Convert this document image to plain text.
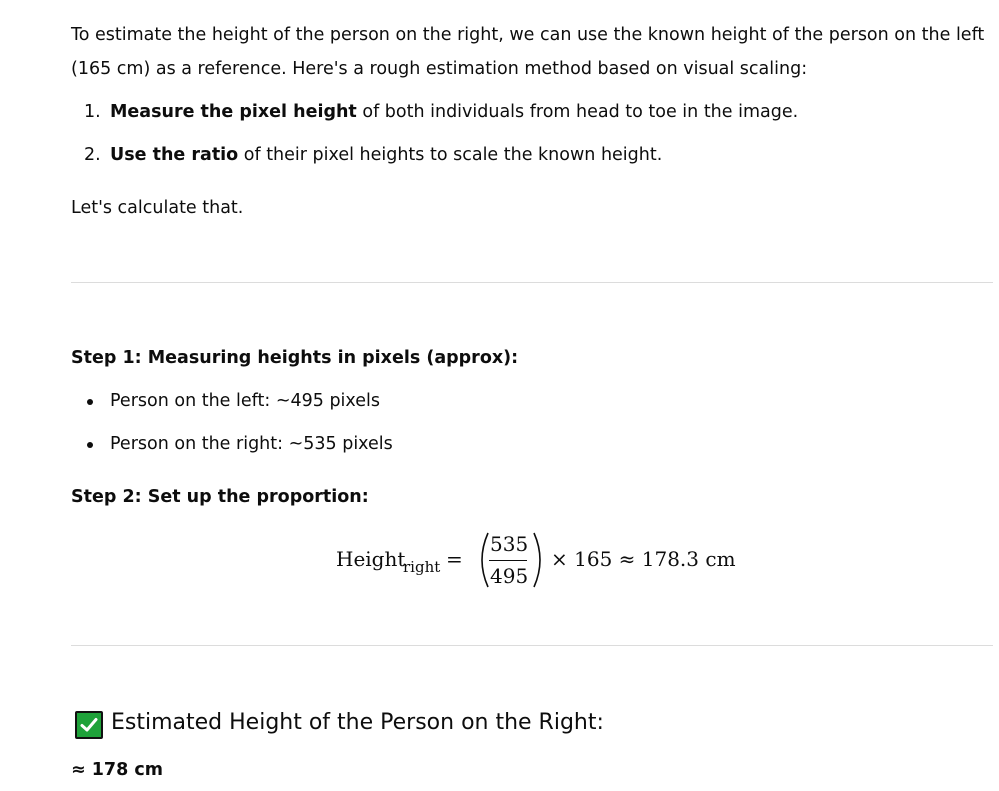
To estimate the height of the person on the right, we can use the known height of the person on the left
(165 cm) as a reference. Here's a rough estimation method based on visual scaling:
1. Measure the pixel height of both individuals from head to toe in the image.
2. Use the ratio of their pixel heights to scale the known height.
Let's calculate that.
Step 1: Measuring heights in pixels (approx):
Person on the left: ~495 pixels
Person on the right: ~535 pixels
Step 2: Set up the proportion:
Height
right =
535
495
× 165 ≈ 178.3 cm
Estimated Height of the Person on the Right:
≈ 178 cm
